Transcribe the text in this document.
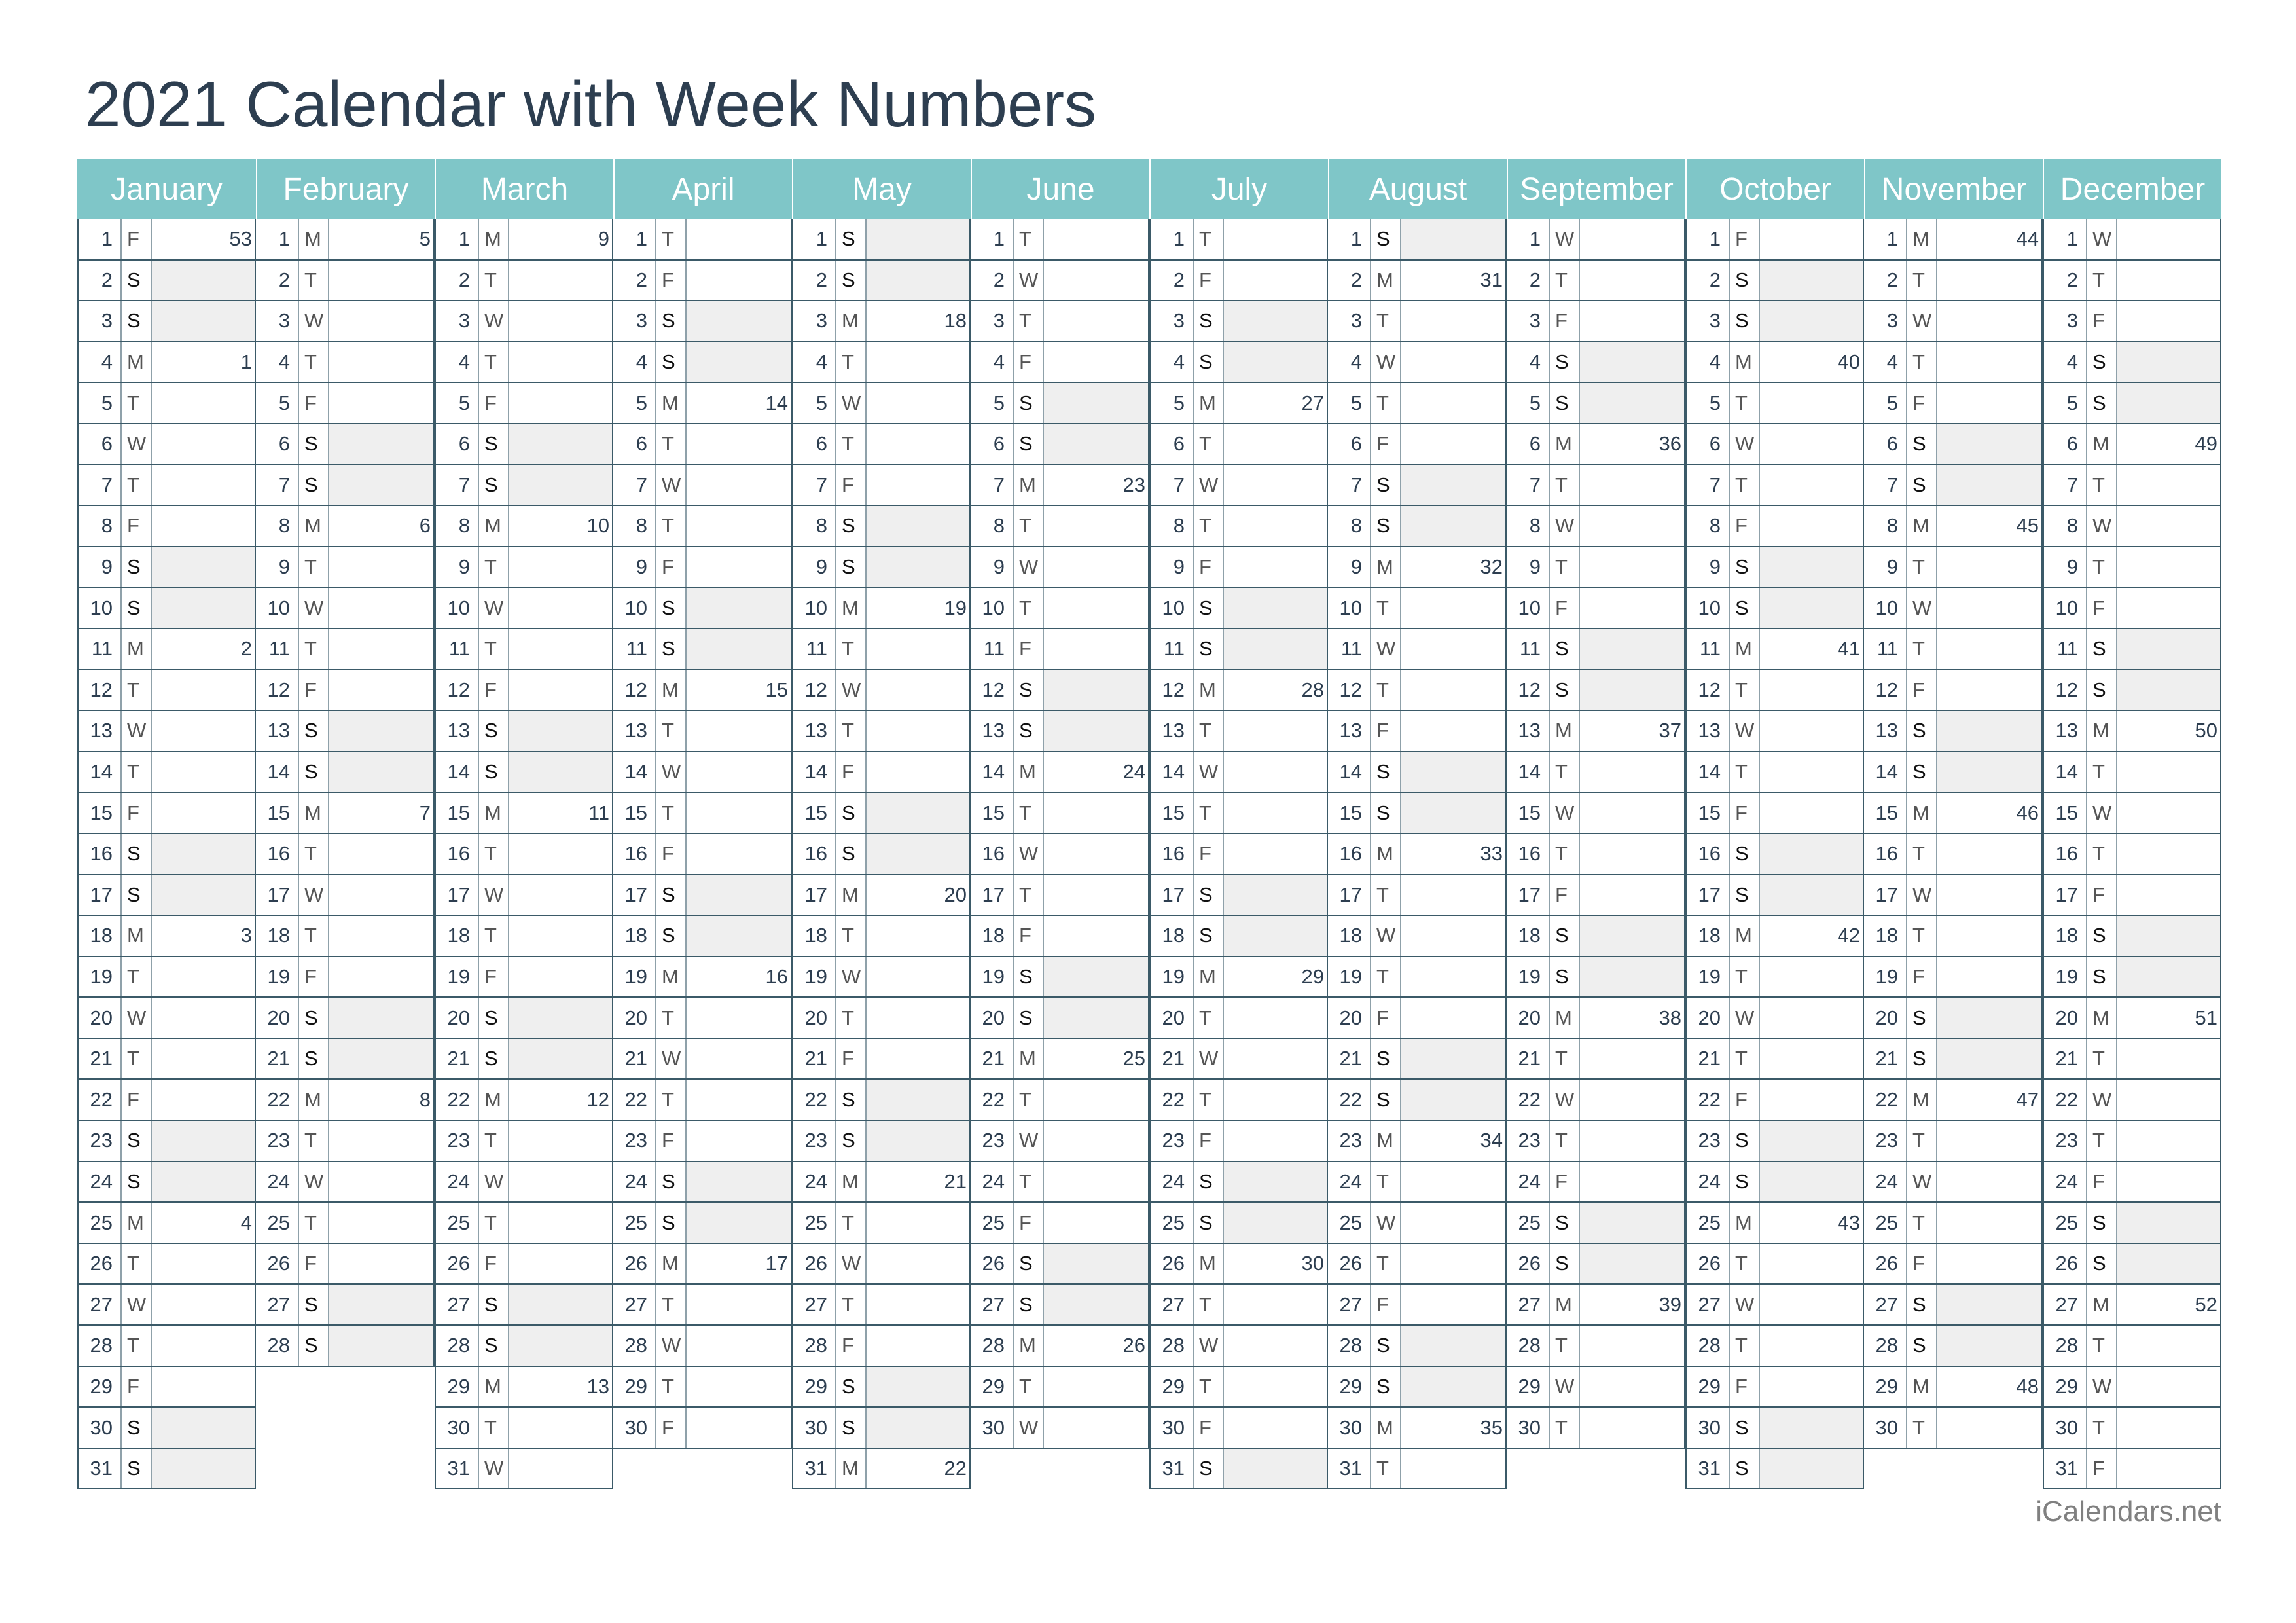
2021 Calendar with Week Numbers
January
1 F	53
2 S
3 S
4 M	1
5 T
6 W
7 T
8 F
9 S
10 S
11 M	2
12 T
13 W
14 T
15 F
16 S
17 S
18 M	3
19 T
20 W
21 T
22 F
23 S
24 S
25 M	4
26 T
27 W
28 T
29 F
30 S
31 S
February
1 M	5
2 T
3 W
4 T
5 F
6 S
7 S
8 M	6
9 T
10 W
11 T
12 F
13 S
14 S
15 M	7
16 T
17 W
18 T
19 F
20 S
21 S
22 M	8
23 T
24 W
25 T
26 F
27 S
28 S
March
1 M	9
2 T
3 W
4 T
5 F
6 S
7 S
8 M	10
9 T
10 W
11 T
12 F
13 S
14 S
15 M	11
16 T
17 W
18 T
19 F
20 S
21 S
22 M	12
23 T
24 W
25 T
26 F
27 S
28 S
29 M	13
30 T
31 W
April
1 T
2 F
3 S
4 S
5 M	14
6 T
7 W
8 T
9 F
10 S
11 S
12 M	15
13 T
14 W
15 T
16 F
17 S
18 S
19 M	16
20 T
21 W
22 T
23 F
24 S
25 S
26 M	17
27 T
28 W
29 T
30 F
May
1 S
2 S
3 M	18
4 T
5 W
6 T
7 F
8 S
9 S
10 M	19
11 T
12 W
13 T
14 F
15 S
16 S
17 M	20
18 T
19 W
20 T
21 F
22 S
23 S
24 M	21
25 T
26 W
27 T
28 F
29 S
30 S
31 M	22
June
1 T
2 W
3 T
4 F
5 S
6 S
7 M	23
8 T
9 W
10 T
11 F
12 S
13 S
14 M	24
15 T
16 W
17 T
18 F
19 S
20 S
21 M	25
22 T
23 W
24 T
25 F
26 S
27 S
28 M	26
29 T
30 W
July
1 T
2 F
3 S
4 S
5 M	27
6 T
7 W
8 T
9 F
10 S
11 S
12 M	28
13 T
14 W
15 T
16 F
17 S
18 S
19 M	29
20 T
21 W
22 T
23 F
24 S
25 S
26 M	30
27 T
28 W
29 T
30 F
31 S
August
1 S
2 M	31
3 T
4 W
5 T
6 F
7 S
8 S
9 M	32
10 T
11 W
12 T
13 F
14 S
15 S
16 M	33
17 T
18 W
19 T
20 F
21 S
22 S
23 M	34
24 T
25 W
26 T
27 F
28 S
29 S
30 M	35
31 T
September
1 W
2 T
3 F
4 S
5 S
6 M	36
7 T
8 W
9 T
10 F
11 S
12 S
13 M	37
14 T
15 W
16 T
17 F
18 S
19 S
20 M	38
21 T
22 W
23 T
24 F
25 S
26 S
27 M	39
28 T
29 W
30 T
October
1 F
2 S
3 S
4 M	40
5 T
6 W
7 T
8 F
9 S
10 S
11 M	41
12 T
13 W
14 T
15 F
16 S
17 S
18 M	42
19 T
20 W
21 T
22 F
23 S
24 S
25 M	43
26 T
27 W
28 T
29 F
30 S
31 S
November
1 M	44
2 T
3 W
4 T
5 F
6 S
7 S
8 M	45
9 T
10 W
11 T
12 F
13 S
14 S
15 M	46
16 T
17 W
18 T
19 F
20 S
21 S
22 M	47
23 T
24 W
25 T
26 F
27 S
28 S
29 M	48
30 T
December
1 W
2 T
3 F
4 S
5 S
6 M	49
7 T
8 W
9 T
10 F
11 S
12 S
13 M	50
14 T
15 W
16 T
17 F
18 S
19 S
20 M	51
21 T
22 W
23 T
24 F
25 S
26 S
27 M	52
28 T
29 W
30 T
31 F
iCalendars.net
